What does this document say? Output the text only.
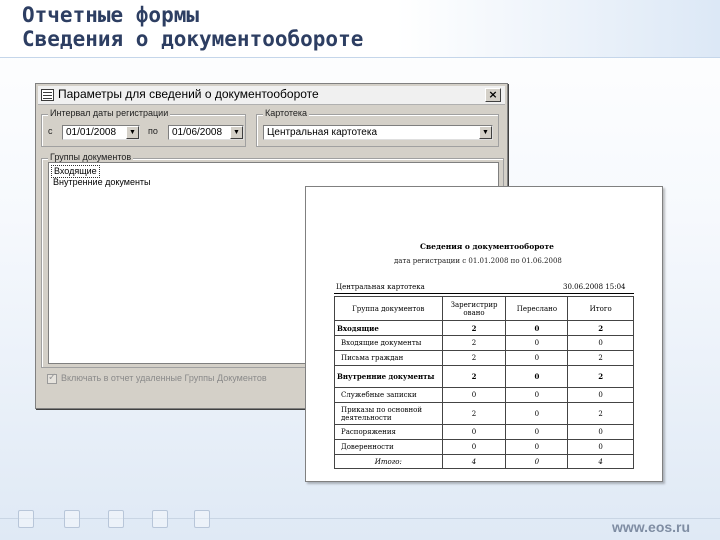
Отчетные формы
Сведения о документообороте
Параметры для сведений о документообороте	×
Интервал даты регистрации
с	01/01/2008	▼	по	01/06/2008	▼
Картотека
Центральная картотека	▼
Группы документов
Входящие
Внутренние документы
✓
Включать в отчет удаленные Группы Документов
Сведения о документообороте
дата регистрации с 01.01.2008 по 01.06.2008
Центральная картотека	30.06.2008 15:04
Группа документов	Зарегистрир овано	Переслано	Итого
Входящие	2	0	2
Входящие документы	2	0	0
Письма граждан	2	0	2
Внутренние документы	2	0	2
Служебные записки	0	0	0
Приказы по основной деятельности	2	0	2
Распоряжения	0	0	0
Доверенности	0	0	0
Итого:	4	0	4
www.eos.ru
